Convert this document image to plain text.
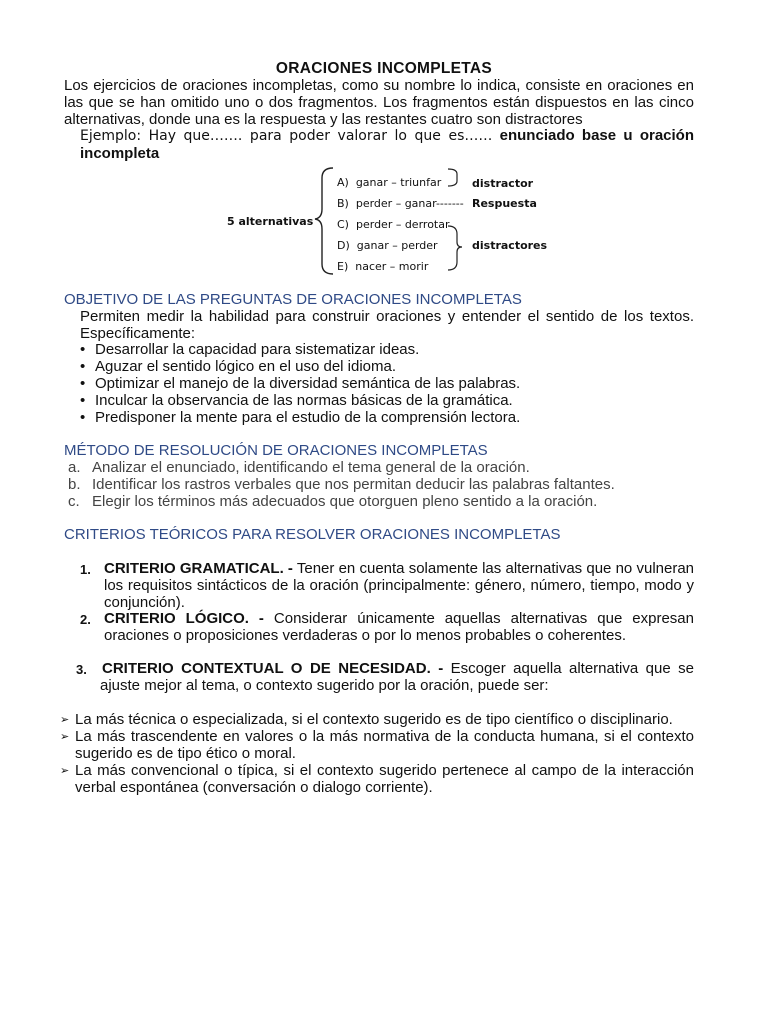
ORACIONES INCOMPLETAS
Los ejercicios de oraciones incompletas, como su nombre lo indica, consiste en oraciones en las que se han omitido uno o dos fragmentos. Los fragmentos están dispuestos en las cinco alternativas, donde una es la respuesta y las restantes cuatro son distractores
Ejemplo: Hay que……. para poder valorar lo que es…… enunciado base u oración incompleta
5 alternativas
A) ganar – triunfar
B) perder – ganar-------
C) perder – derrotar
D) ganar – perder
E) nacer – morir
distractor
Respuesta
distractores
OBJETIVO DE LAS PREGUNTAS DE ORACIONES INCOMPLETAS
Permiten medir la habilidad para construir oraciones y entender el sentido de los textos. Específicamente:
• Desarrollar la capacidad para sistematizar ideas.
• Aguzar el sentido lógico en el uso del idioma.
• Optimizar el manejo de la diversidad semántica de las palabras.
• Inculcar la observancia de las normas básicas de la gramática.
• Predisponer la mente para el estudio de la comprensión lectora.
MÉTODO DE RESOLUCIÓN DE ORACIONES INCOMPLETAS
a. Analizar el enunciado, identificando el tema general de la oración.
b. Identificar los rastros verbales que nos permitan deducir las palabras faltantes.
c. Elegir los términos más adecuados que otorguen pleno sentido a la oración.
CRITERIOS TEÓRICOS PARA RESOLVER ORACIONES INCOMPLETAS
1. CRITERIO GRAMATICAL. - Tener en cuenta solamente las alternativas que no vulneran los requisitos sintácticos de la oración (principalmente: género, número, tiempo, modo y conjunción).
2. CRITERIO LÓGICO. - Considerar únicamente aquellas alternativas que expresan oraciones o proposiciones verdaderas o por lo menos probables o coherentes.
3. CRITERIO CONTEXTUAL O DE NECESIDAD. - Escoger aquella alternativa que se ajuste mejor al tema, o contexto sugerido por la oración, puede ser:
➢ La más técnica o especializada, si el contexto sugerido es de tipo científico o disciplinario.
➢ La más trascendente en valores o la más normativa de la conducta humana, si el contexto sugerido es de tipo ético o moral.
➢ La más convencional o típica, si el contexto sugerido pertenece al campo de la interacción verbal espontánea (conversación o dialogo corriente).
